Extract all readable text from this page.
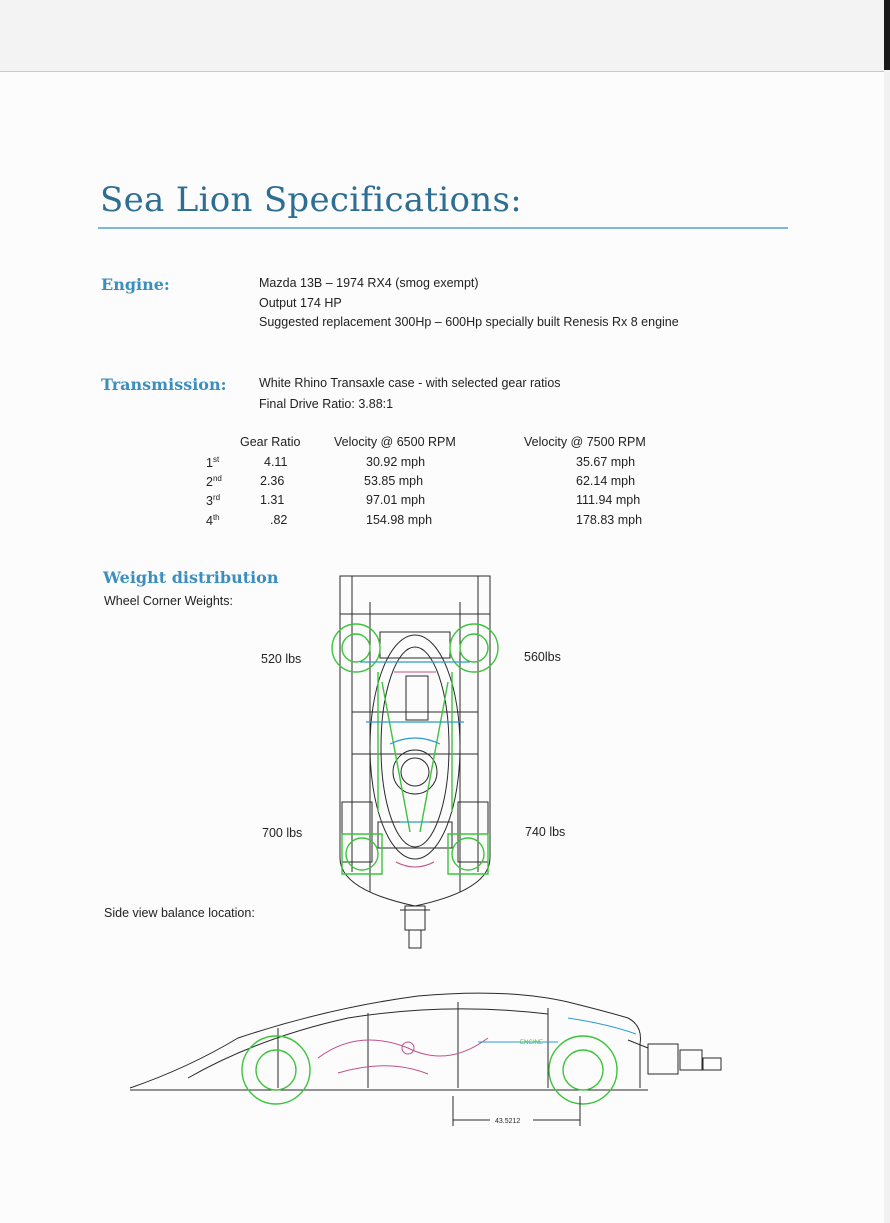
Sea Lion Specifications:
Engine:	Mazda 13B – 1974 RX4 (smog exempt)
Output 174 HP
Suggested replacement 300Hp – 600Hp specially built Renesis Rx 8 engine
Transmission:	White Rhino Transaxle case - with selected gear ratios
Final Drive Ratio: 3.88:1
Gear Ratio	Velocity @ 6500 RPM	Velocity @ 7500 RPM
1st	4.11	30.92 mph	35.67 mph
2nd	2.36	53.85 mph	62.14 mph
3rd	1.31	97.01 mph	111.94 mph
4th	.82	154.98 mph	178.83 mph
Weight distribution
Wheel Corner Weights:
520 lbs	560lbs
700 lbs	740 lbs
Side view balance location:
ENGINE
43.5212
